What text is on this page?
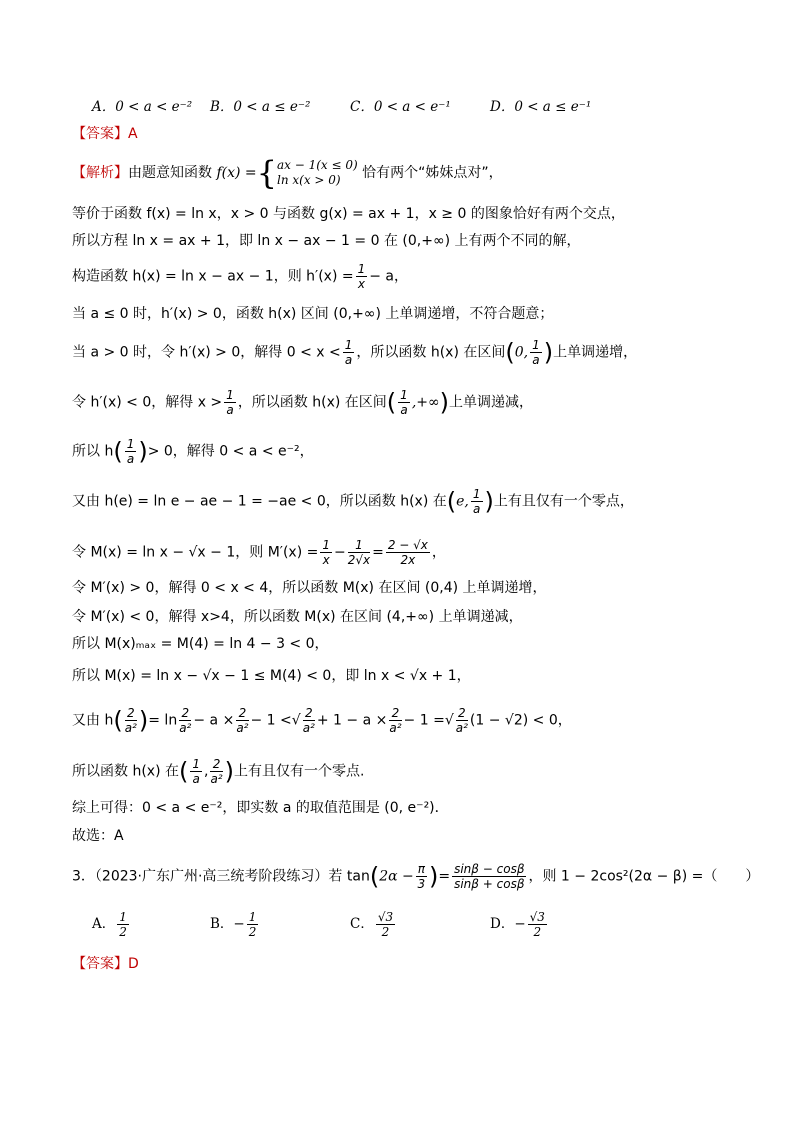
A．0 < a < e⁻² B．0 < a ≤ e⁻²	C．0 < a < e⁻¹	D．0 < a ≤ e⁻¹
【答案】A
【解析】由题意知函数 f(x) ={ ax − 1(x ≤ 0)
ln x(x > 0)	恰有两个“姊妹点对”，
等价于函数 f(x) = ln x，x > 0 与函数 g(x) = ax + 1，x ≥ 0 的图象恰好有两个交点，
所以方程 ln x = ax + 1，即 ln x − ax − 1 = 0 在 (0,+∞) 上有两个不同的解，
构造函数 h(x) = ln x − ax − 1，则 $h'(x) = \frac{1}{x} - a$，
当 a ≤ 0 时，h′(x) > 0，函数 h(x) 区间 (0,+∞) 上单调递增，不符合题意；
当 a > 0 时，令 h′(x) > 0，解得 $0 < x < \frac{1}{a}$ ，所以函数 h(x) 在区间(0, $\frac{1}{a}$ )上单调递增，
令 h′(x) < 0，解得 $x > \frac{1}{a}$ ，所以函数 h(x) 在区间( $\frac{1}{a}$ ,+∞)上单调递减，
所以 $h( \frac{1}{a}$ )> 0，解得 0 < a < e⁻²，
又由 h(e) = ln e − ae − 1 = −ae < 0，所以函数 h(x) 在(e, $\frac{1}{a}$ )上有且仅有一个零点，
令 M(x) = ln x − √x − 1，则 $M'(x) = \frac{1}{x} - \frac{1}{2√x} = \frac{2 - √x}{2x}$ ，
令 M′(x) > 0，解得 0 < x < 4，所以函数 M(x) 在区间 (0,4) 上单调递增，
令 M′(x) < 0，解得 x>4，所以函数 M(x) 在区间 (4,+∞) 上单调递减，
所以 M(x)ₘₐₓ = M(4) = ln 4 − 3 < 0，
所以 M(x) = ln x − √x − 1 ≤ M(4) < 0，即 ln x < √x + 1，
又由 $h( \frac{2}{\text{a²}}$ )= $\ln \frac{2}{\text{a²}} - a \times \frac{2}{\text{a²}} - 1$ <√ $\frac{2}{\text{a²}} + 1 - a \times \frac{2}{\text{a²}} - 1$ =√ $\frac{2}{\text{a²}} (1 - √2) < 0$，
所以函数 h(x) 在( $\frac{1}{a}$ , $\frac{2}{\text{a²}}$ )上有且仅有一个零点.
综上可得：0 < a < e⁻²，即实数 a 的取值范围是 (0, e⁻²)．
故选：A
3．（2023·广东广州·高三统考阶段练习）若 $\tan(2\alpha - \frac{\pi}{3}$ )= $\frac{\sin\beta - \cos\beta}{\sin\beta + \cos\beta}$ ，则 1 − 2cos²(2α − β) =（　　）
A． $\frac{1}{2}$	B．− $\frac{1}{2}$	C． $\frac{√3}{2}$	D．− $\frac{√3}{2}$
【答案】D
